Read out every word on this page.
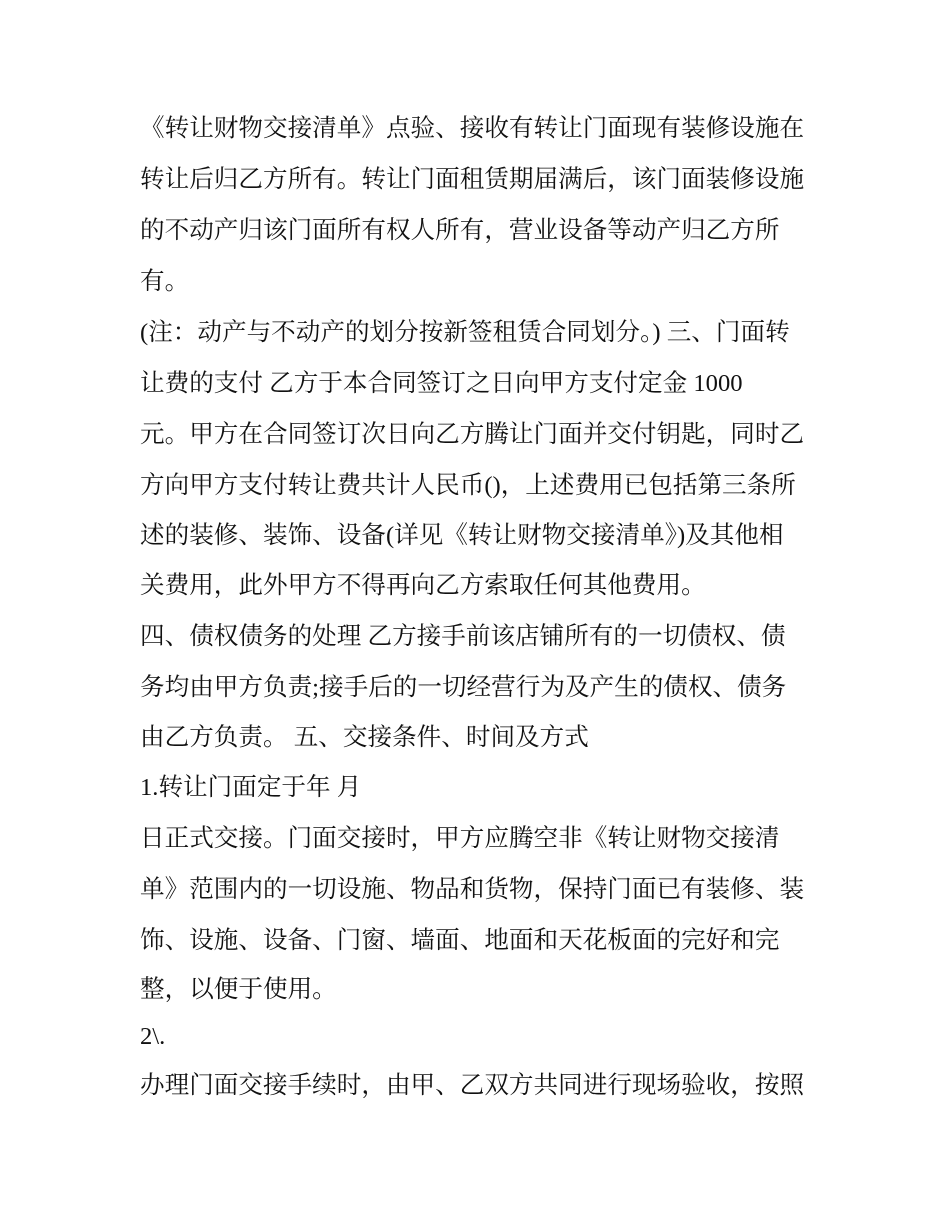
《转让财物交接清单》点验、接收有转让门面现有装修设施在
转让后归乙方所有。转让门面租赁期届满后，该门面装修设施
的不动产归该门面所有权人所有，营业设备等动产归乙方所
有。
(注：动产与不动产的划分按新签租赁合同划分。) 三、门面转
让费的支付 乙方于本合同签订之日向甲方支付定金 1000
元。甲方在合同签订次日向乙方腾让门面并交付钥匙，同时乙
方向甲方支付转让费共计人民币()，上述费用已包括第三条所
述的装修、装饰、设备(详见《转让财物交接清单》)及其他相
关费用，此外甲方不得再向乙方索取任何其他费用。
四、债权债务的处理 乙方接手前该店铺所有的一切债权、债
务均由甲方负责;接手后的一切经营行为及产生的债权、债务
由乙方负责。 五、交接条件、时间及方式
1.转让门面定于年 月
日正式交接。门面交接时，甲方应腾空非《转让财物交接清
单》范围内的一切设施、物品和货物，保持门面已有装修、装
饰、设施、设备、门窗、墙面、地面和天花板面的完好和完
整，以便于使用。
2\.
办理门面交接手续时，由甲、乙双方共同进行现场验收，按照
